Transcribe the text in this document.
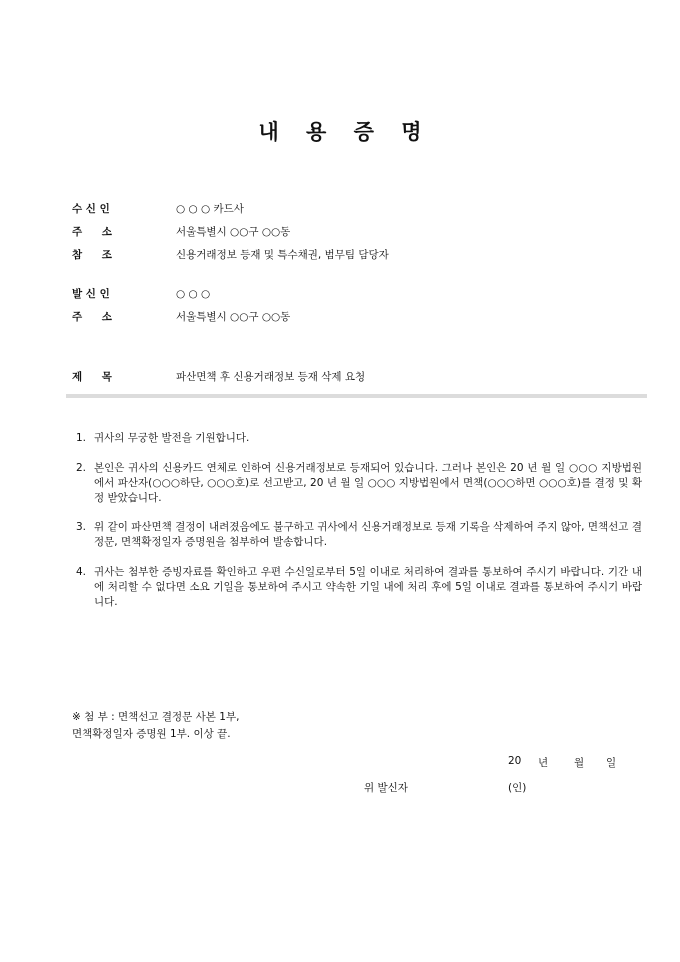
내 용 증 명
수 신 인	○ ○ ○ 카드사
주 소	서울특별시 ○○구 ○○동
참 조	신용거래정보 등재 및 특수채권, 범무팀 담당자
발 신 인	○ ○ ○
주 소	서울특별시 ○○구 ○○동
제 목	파산면책 후 신용거래정보 등재 삭제 요청
1. 귀사의 무궁한 발전을 기원합니다.
2. 본인은 귀사의 신용카드 연체로 인하여 신용거래정보로 등재되어 있습니다. 그러나 본인은 20 년 월 일 ○○○ 지방법원에서 파산자(○○○하단, ○○○호)로 선고받고, 20 년 월 일 ○○○ 지방법원에서 면책(○○○하면 ○○○호)를 결정 및 확정 받았습니다.
3. 위 같이 파산면책 결정이 내려졌음에도 불구하고 귀사에서 신용거래정보로 등재 기록을 삭제하여 주지 않아, 면책선고 결정문, 면책확정일자 증명원을 첨부하여 발송합니다.
4. 귀사는 첨부한 증빙자료를 확인하고 우편 수신일로부터 5일 이내로 처리하여 결과를 통보하여 주시기 바랍니다. 기간 내에 처리할 수 없다면 소요 기일을 통보하여 주시고 약속한 기일 내에 처리 후에 5일 이내로 결과를 통보하여 주시기 바랍니다.
※ 첨 부 : 면책선고 결정문 사본 1부,
면책확정일자 증명원 1부. 이상 끝.
20 년 월 일
위 발신자	(인)
